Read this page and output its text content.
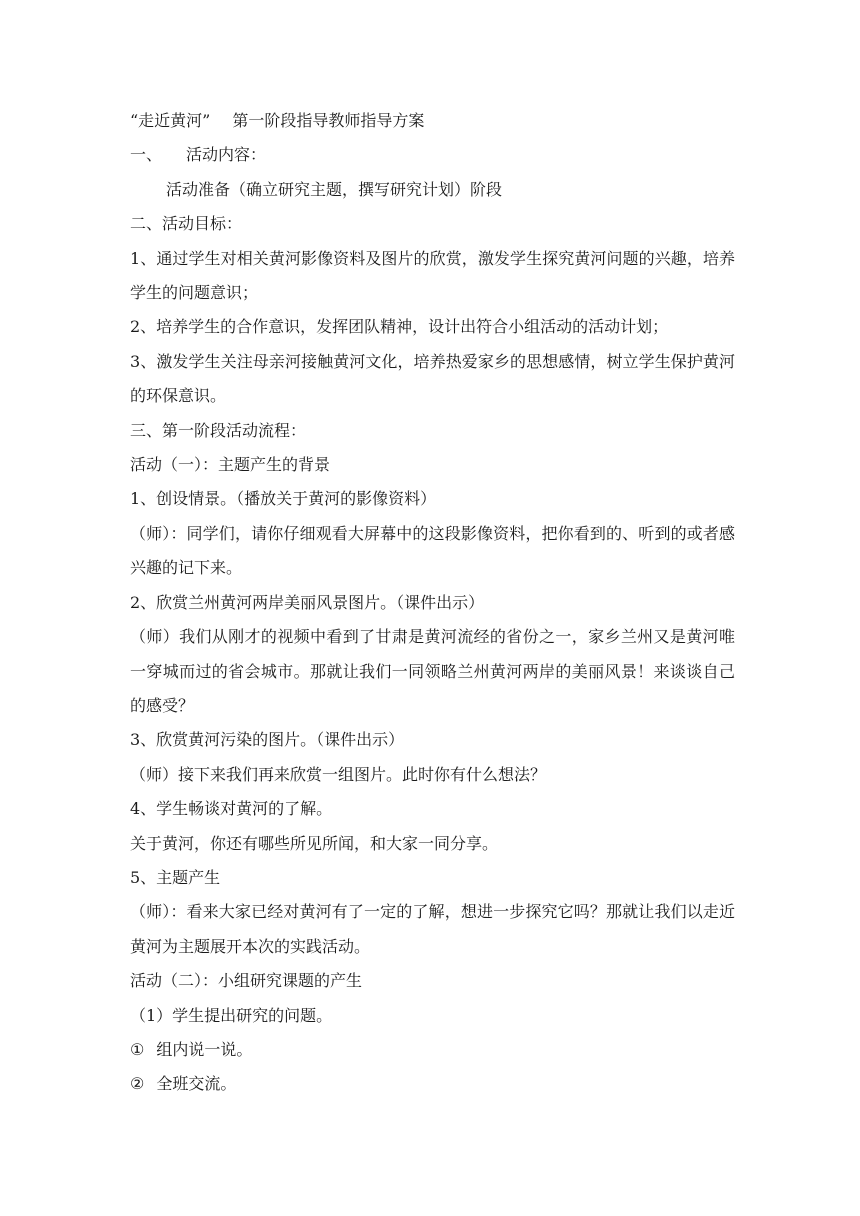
“走近黄河” 第一阶段指导教师指导方案

一、 活动内容：

活动准备（确立研究主题，撰写研究计划）阶段

二、活动目标：

1、通过学生对相关黄河影像资料及图片的欣赏，激发学生探究黄河问题的兴趣，培养学生的问题意识；

2、培养学生的合作意识，发挥团队精神，设计出符合小组活动的活动计划；

3、激发学生关注母亲河接触黄河文化，培养热爱家乡的思想感情，树立学生保护黄河的环保意识。

三、第一阶段活动流程：

活动（一）：主题产生的背景

1、创设情景。（播放关于黄河的影像资料）

（师）：同学们，请你仔细观看大屏幕中的这段影像资料，把你看到的、听到的或者感兴趣的记下来。

2、欣赏兰州黄河两岸美丽风景图片。（课件出示）

（师）我们从刚才的视频中看到了甘肃是黄河流经的省份之一，家乡兰州又是黄河唯一穿城而过的省会城市。那就让我们一同领略兰州黄河两岸的美丽风景！来谈谈自己的感受？

3、欣赏黄河污染的图片。（课件出示）

（师）接下来我们再来欣赏一组图片。此时你有什么想法？

4、学生畅谈对黄河的了解。

关于黄河，你还有哪些所见所闻，和大家一同分享。

5、主题产生

（师）：看来大家已经对黄河有了一定的了解，想进一步探究它吗？那就让我们以走近黄河为主题展开本次的实践活动。

活动（二）：小组研究课题的产生

（1）学生提出研究的问题。

① 组内说一说。

② 全班交流。
